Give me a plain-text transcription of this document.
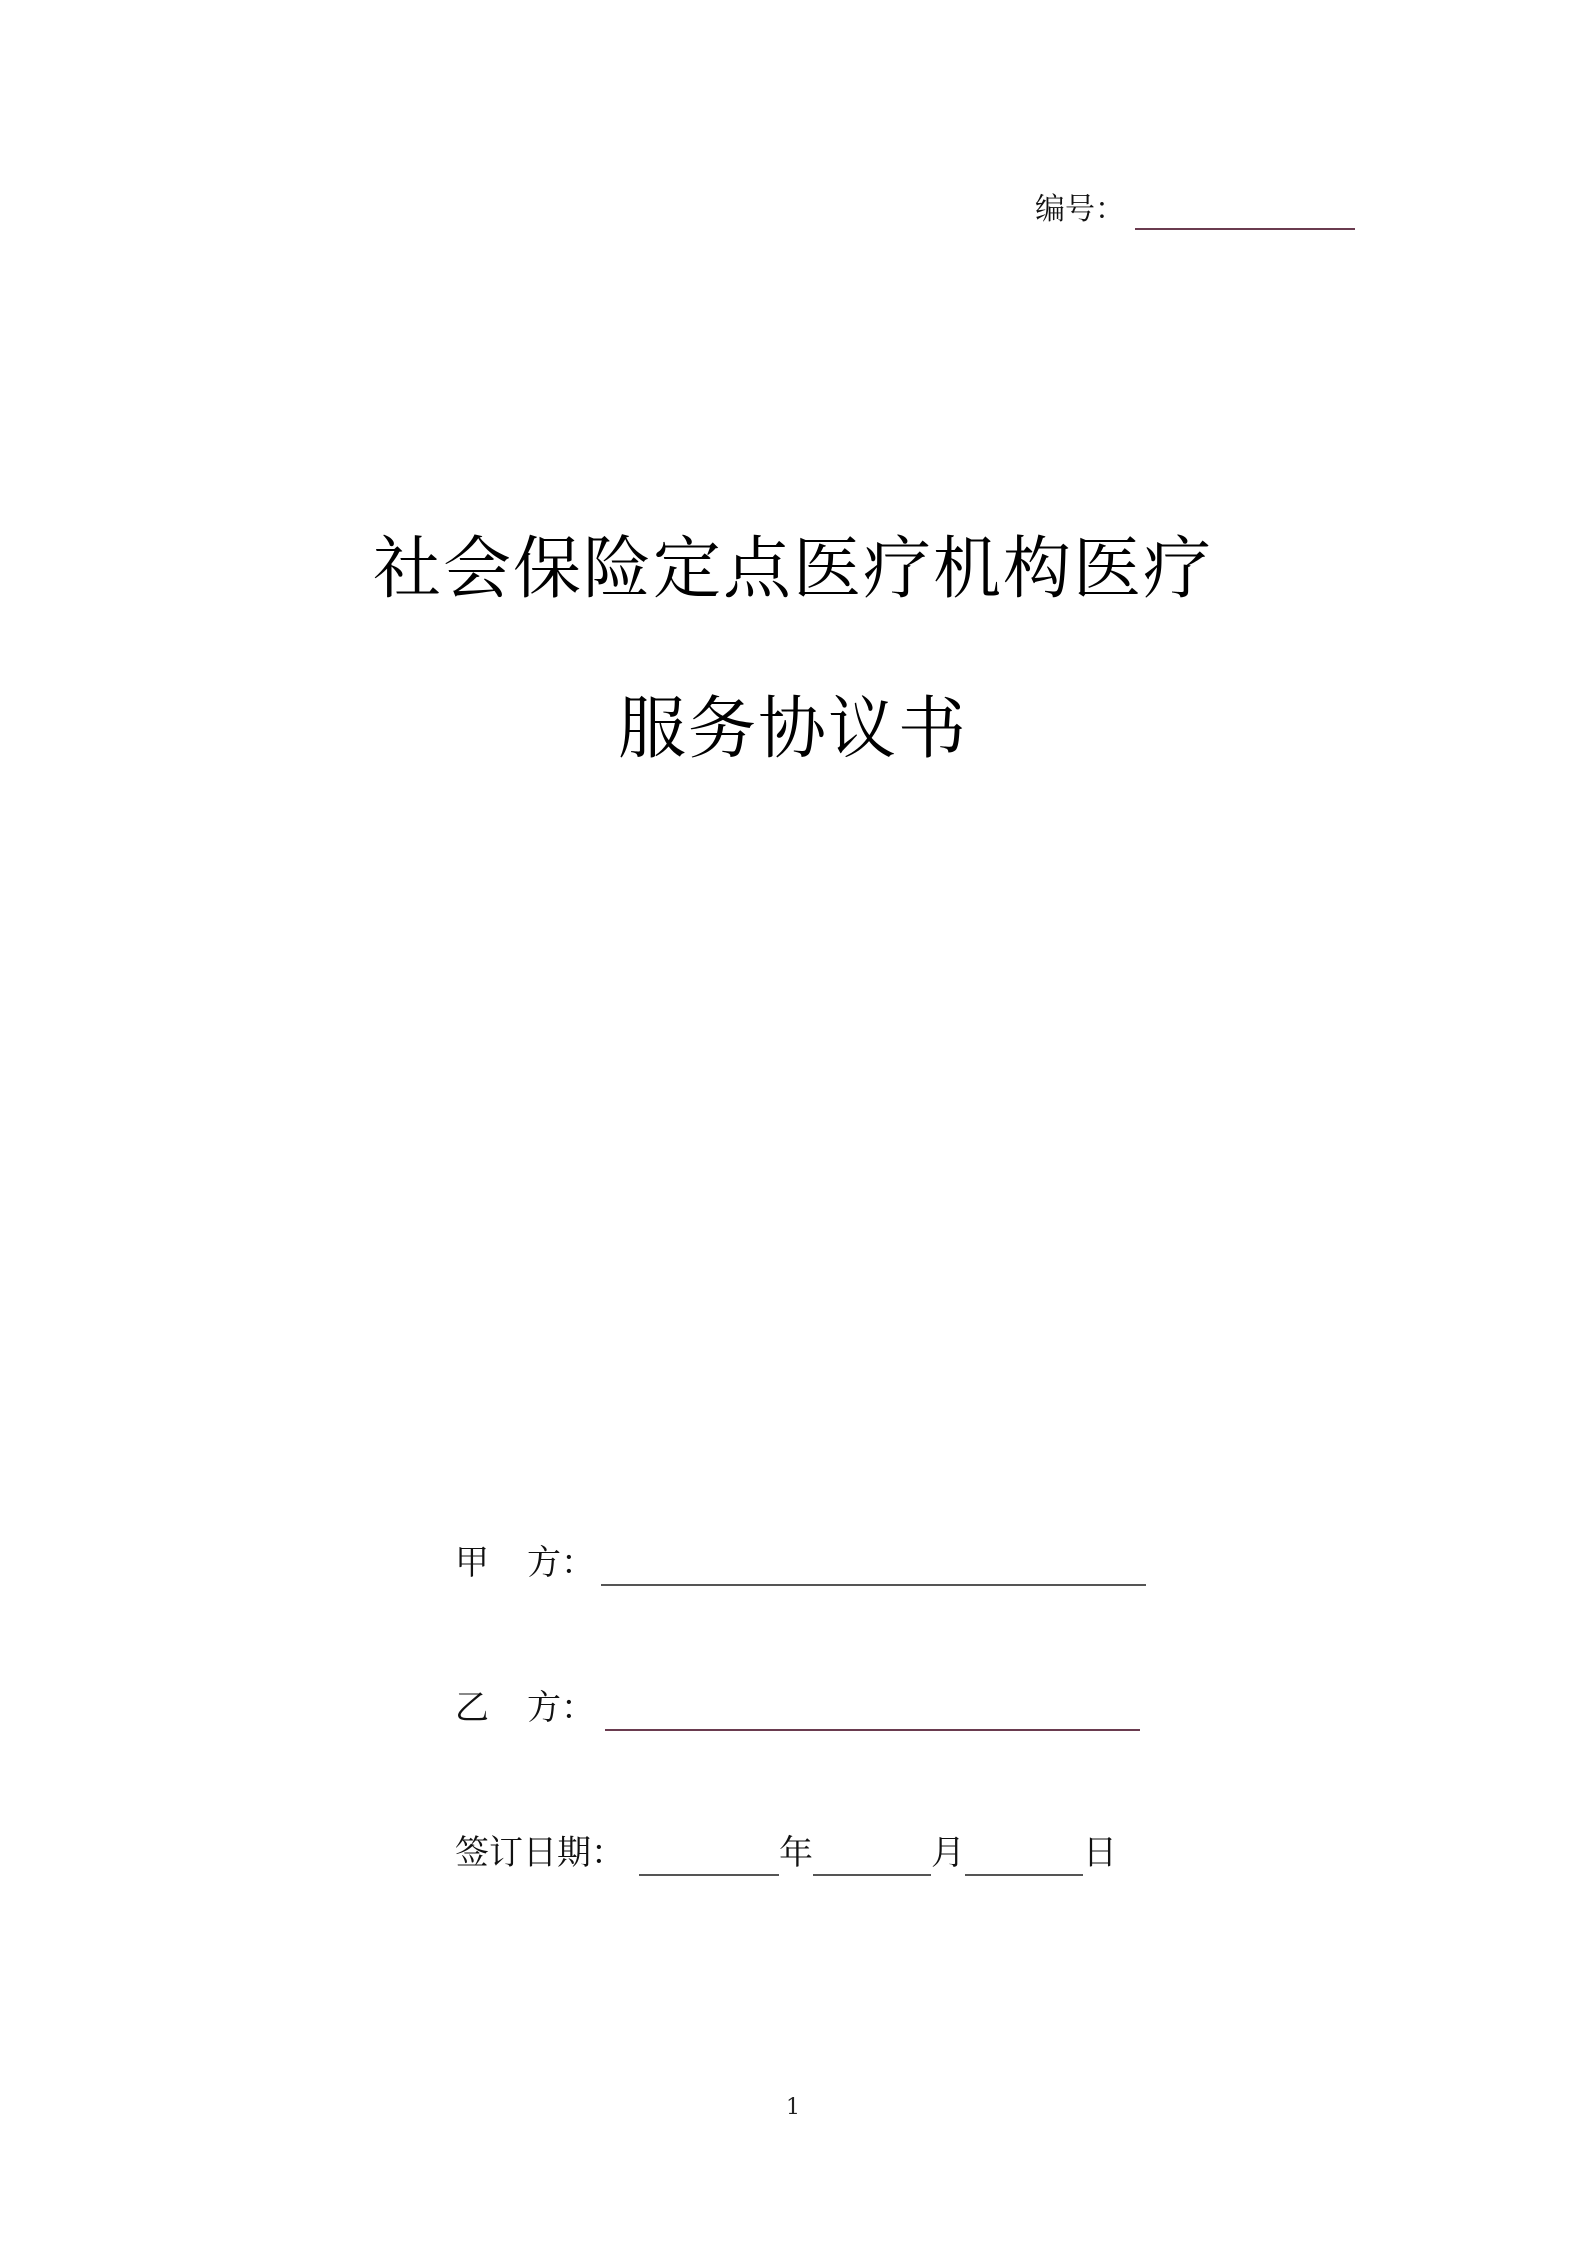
编号：
社会保险定点医疗机构医疗
服务协议书
甲 方：
乙 方：
签订日期：	年	月	日
1
